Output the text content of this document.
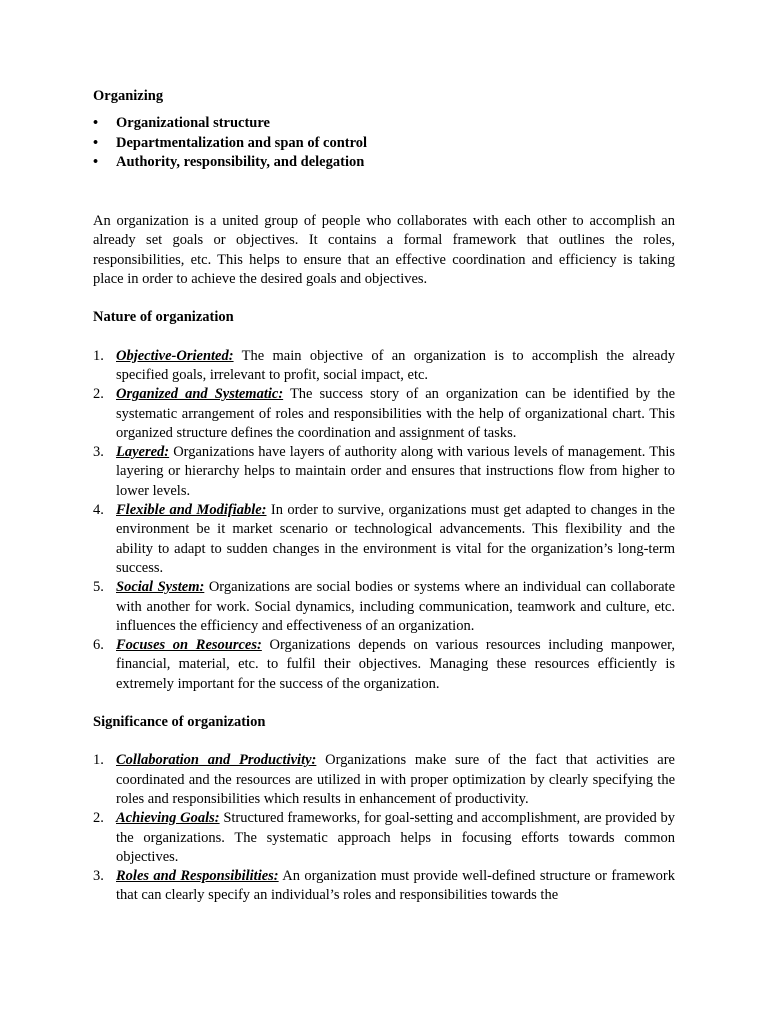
Organizing

• Organizational structure
• Departmentalization and span of control
• Authority, responsibility, and delegation

An organization is a united group of people who collaborates with each other to accomplish an already set goals or objectives. It contains a formal framework that outlines the roles, responsibilities, etc. This helps to ensure that an effective coordination and efficiency is taking place in order to achieve the desired goals and objectives.

Nature of organization

1. Objective-Oriented: The main objective of an organization is to accomplish the already specified goals, irrelevant to profit, social impact, etc.
2. Organized and Systematic: The success story of an organization can be identified by the systematic arrangement of roles and responsibilities with the help of organizational chart. This organized structure defines the coordination and assignment of tasks.
3. Layered: Organizations have layers of authority along with various levels of management. This layering or hierarchy helps to maintain order and ensures that instructions flow from higher to lower levels.
4. Flexible and Modifiable: In order to survive, organizations must get adapted to changes in the environment be it market scenario or technological advancements. This flexibility and the ability to adapt to sudden changes in the environment is vital for the organization’s long-term success.
5. Social System: Organizations are social bodies or systems where an individual can collaborate with another for work. Social dynamics, including communication, teamwork and culture, etc. influences the efficiency and effectiveness of an organization.
6. Focuses on Resources: Organizations depends on various resources including manpower, financial, material, etc. to fulfil their objectives. Managing these resources efficiently is extremely important for the success of the organization.

Significance of organization

1. Collaboration and Productivity: Organizations make sure of the fact that activities are coordinated and the resources are utilized in with proper optimization by clearly specifying the roles and responsibilities which results in enhancement of productivity.
2. Achieving Goals: Structured frameworks, for goal-setting and accomplishment, are provided by the organizations. The systematic approach helps in focusing efforts towards common objectives.
3. Roles and Responsibilities: An organization must provide well-defined structure or framework that can clearly specify an individual’s roles and responsibilities towards the
